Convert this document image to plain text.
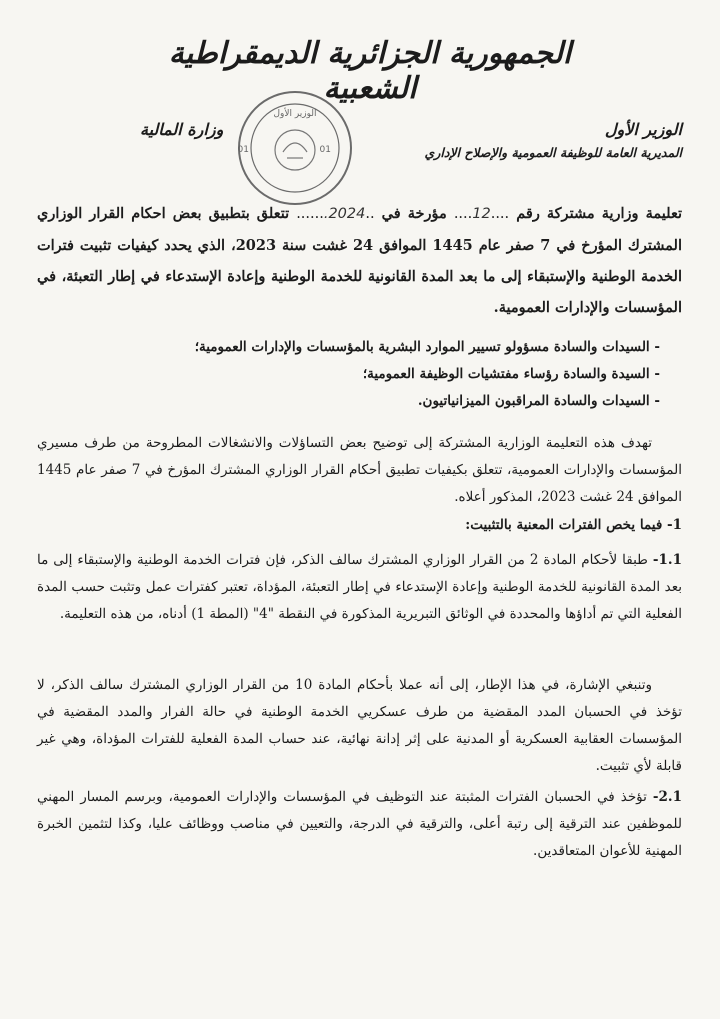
الجمهورية الجزائرية الديمقراطية الشعبية
الوزير الأول
المديرية العامة للوظيفة العمومية والإصلاح الإداري
وزارة المالية
الوزير الأول
01	01
تعليمة وزارية مشتركة رقم ....12.... مؤرخة في ..2024....... تتعلق بتطبيق بعض احكام القرار الوزاري المشترك المؤرخ في 7 صفر عام 1445 الموافق 24 غشت سنة 2023، الذي يحدد كيفيات تثبيت فترات الخدمة الوطنية والإستبقاء إلى ما بعد المدة القانونية للخدمة الوطنية وإعادة الإستدعاء في إطار التعبئة، في المؤسسات والإدارات العمومية.
- السيدات والسادة مسؤولو تسيير الموارد البشرية بالمؤسسات والإدارات العمومية؛
- السيدة والسادة رؤساء مفتشيات الوظيفة العمومية؛
- السيدات والسادة المراقبون الميزانياتيون.
تهدف هذه التعليمة الوزارية المشتركة إلى توضيح بعض التساؤلات والانشغالات المطروحة من طرف مسيري المؤسسات والإدارات العمومية، تتعلق بكيفيات تطبيق أحكام القرار الوزاري المشترك المؤرخ في 7 صفر عام 1445 الموافق 24 غشت 2023، المذكور أعلاه.
1- فيما يخص الفترات المعنية بالتثبيت:
1.1- طبقا لأحكام المادة 2 من القرار الوزاري المشترك سالف الذكر، فإن فترات الخدمة الوطنية والإستبقاء إلى ما بعد المدة القانونية للخدمة الوطنية وإعادة الإستدعاء في إطار التعبئة، المؤداة، تعتبر كفترات عمل وتثبت حسب المدة الفعلية التي تم أداؤها والمحددة في الوثائق التبريرية المذكورة في النقطة "4" (المطة 1) أدناه، من هذه التعليمة.
وتنبغي الإشارة، في هذا الإطار، إلى أنه عملا بأحكام المادة 10 من القرار الوزاري المشترك سالف الذكر، لا تؤخذ في الحسبان المدد المقضية من طرف عسكريي الخدمة الوطنية في حالة الفرار والمدد المقضية في المؤسسات العقابية العسكرية أو المدنية على إثر إدانة نهائية، عند حساب المدة الفعلية للفترات المؤداة، وهي غير قابلة لأي تثبيت.
2.1- تؤخذ في الحسبان الفترات المثبتة عند التوظيف في المؤسسات والإدارات العمومية، وبرسم المسار المهني للموظفين عند الترقية إلى رتبة أعلى، والترقية في الدرجة، والتعيين في مناصب ووظائف عليا، وكذا لتثمين الخبرة المهنية للأعوان المتعاقدين.
